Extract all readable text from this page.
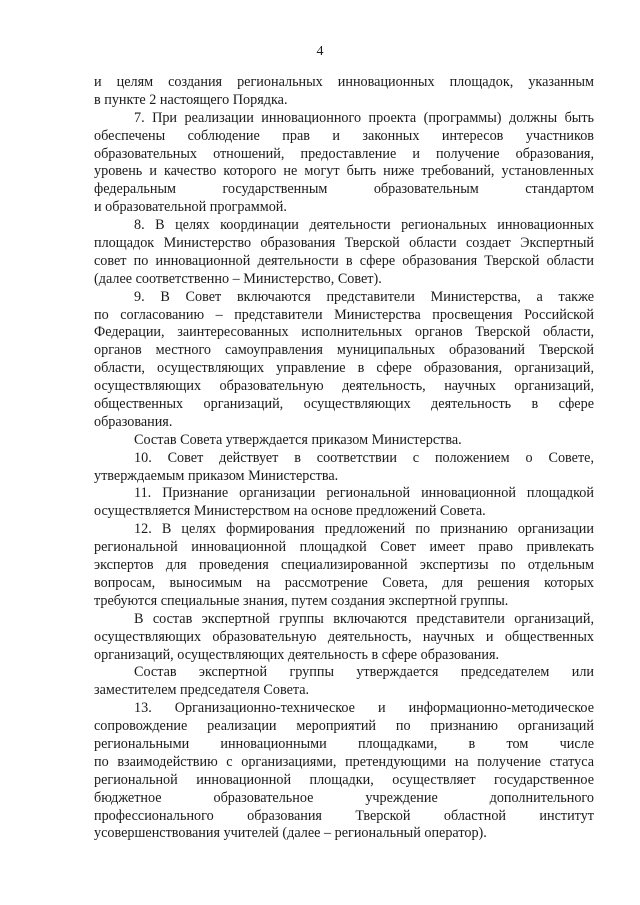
4
и целям создания региональных инновационных площадок, указанным
в пункте 2 настоящего Порядка.
7. При реализации инновационного проекта (программы) должны быть
обеспечены соблюдение прав и законных интересов участников
образовательных отношений, предоставление и получение образования,
уровень и качество которого не могут быть ниже требований, установленных
федеральным государственным образовательным стандартом
и образовательной программой.
8. В целях координации деятельности региональных инновационных
площадок Министерство образования Тверской области создает Экспертный
совет по инновационной деятельности в сфере образования Тверской области
(далее соответственно – Министерство, Совет).
9. В Совет включаются представители Министерства, а также
по согласованию – представители Министерства просвещения Российской
Федерации, заинтересованных исполнительных органов Тверской области,
органов местного самоуправления муниципальных образований Тверской
области, осуществляющих управление в сфере образования, организаций,
осуществляющих образовательную деятельность, научных организаций,
общественных организаций, осуществляющих деятельность в сфере
образования.
Состав Совета утверждается приказом Министерства.
10. Совет действует в соответствии с положением о Совете,
утверждаемым приказом Министерства.
11. Признание организации региональной инновационной площадкой
осуществляется Министерством на основе предложений Совета.
12. В целях формирования предложений по признанию организации
региональной инновационной площадкой Совет имеет право привлекать
экспертов для проведения специализированной экспертизы по отдельным
вопросам, выносимым на рассмотрение Совета, для решения которых
требуются специальные знания, путем создания экспертной группы.
В состав экспертной группы включаются представители организаций,
осуществляющих образовательную деятельность, научных и общественных
организаций, осуществляющих деятельность в сфере образования.
Состав экспертной группы утверждается председателем или
заместителем председателя Совета.
13. Организационно-техническое и информационно-методическое
сопровождение реализации мероприятий по признанию организаций
региональными инновационными площадками, в том числе
по взаимодействию с организациями, претендующими на получение статуса
региональной инновационной площадки, осуществляет государственное
бюджетное образовательное учреждение дополнительного
профессионального образования Тверской областной институт
усовершенствования учителей (далее – региональный оператор).
